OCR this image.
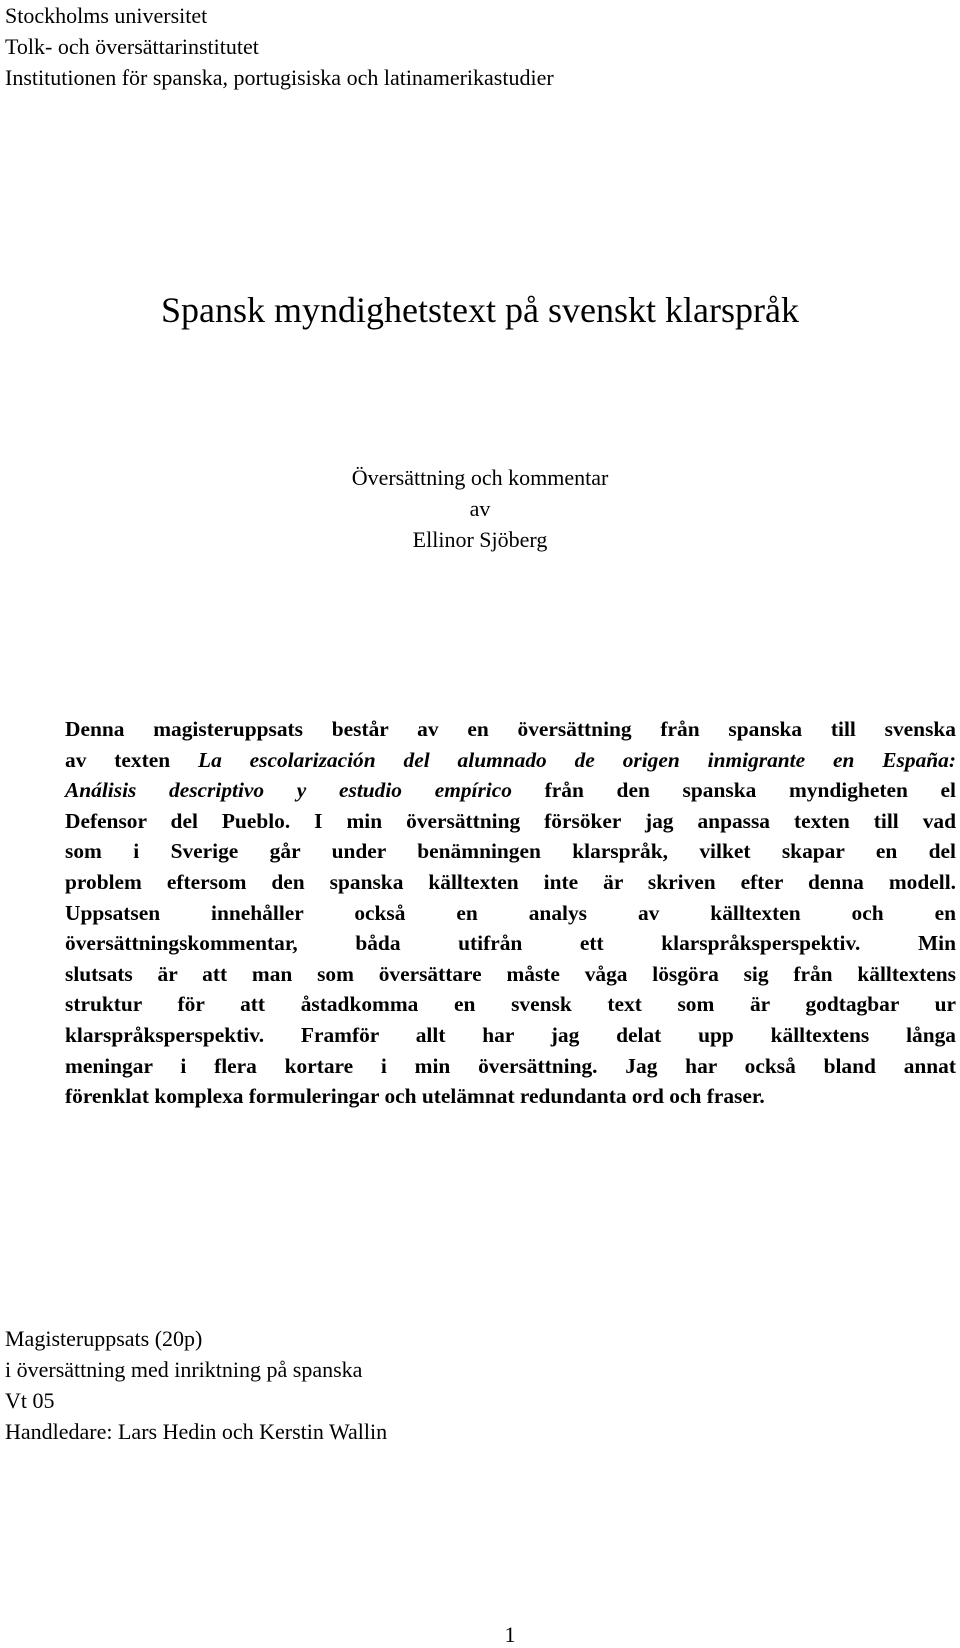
Stockholms universitet
Tolk- och översättarinstitutet
Institutionen för spanska, portugisiska och latinamerikastudier
Spansk myndighetstext på svenskt klarspråk
Översättning och kommentar
av
Ellinor Sjöberg
Denna magisteruppsats består av en översättning från spanska till svenska
av texten La escolarización del alumnado de origen inmigrante en España:
Análisis descriptivo y estudio empírico från den spanska myndigheten el
Defensor del Pueblo. I min översättning försöker jag anpassa texten till vad
som i Sverige går under benämningen klarspråk, vilket skapar en del
problem eftersom den spanska källtexten inte är skriven efter denna modell.
Uppsatsen innehåller också en analys av källtexten och en
översättningskommentar, båda utifrån ett klarspråksperspektiv. Min
slutsats är att man som översättare måste våga lösgöra sig från källtextens
struktur för att åstadkomma en svensk text som är godtagbar ur
klarspråksperspektiv. Framför allt har jag delat upp källtextens långa
meningar i flera kortare i min översättning. Jag har också bland annat
förenklat komplexa formuleringar och utelämnat redundanta ord och fraser.
Magisteruppsats (20p)
i översättning med inriktning på spanska
Vt 05
Handledare: Lars Hedin och Kerstin Wallin
1
